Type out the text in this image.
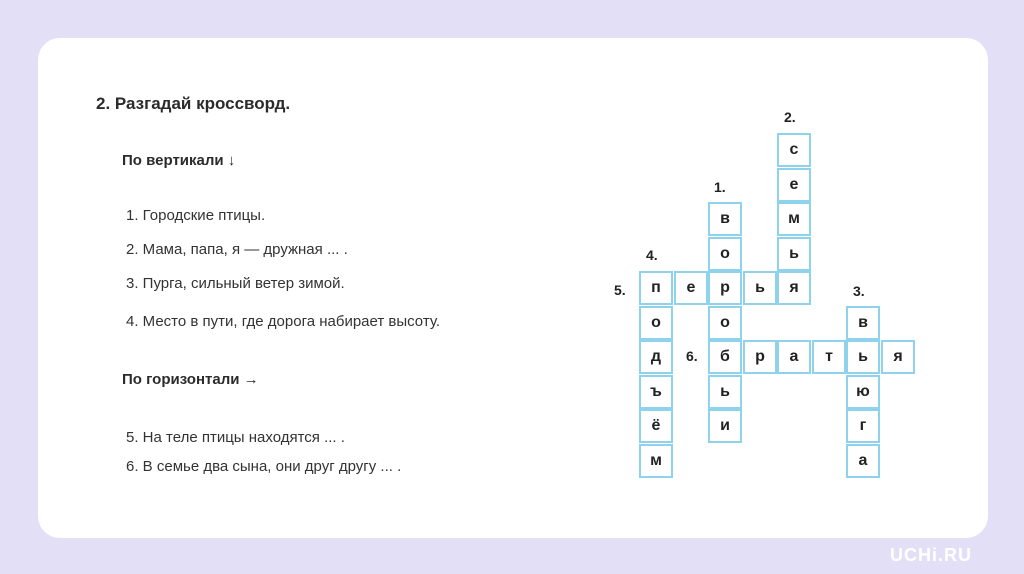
2. Разгадай кроссворд.
По вертикали ↓
1. Городские птицы.
2. Мама, папа, я — дружная ... .
3. Пурга, сильный ветер зимой.
4. Место в пути, где дорога набирает высоту.
По горизонтали →
5. На теле птицы находятся ... .
6. В семье два сына, они друг другу ... .
1.
2.
3.
4.
5.
6.
в
о
р
о
б
ь
и
с
е
м
ь
я
в
ь
ю
г
а
п
о
д
ъ
ё
м
е	ь
р	а	т	я
UCHi.RU
